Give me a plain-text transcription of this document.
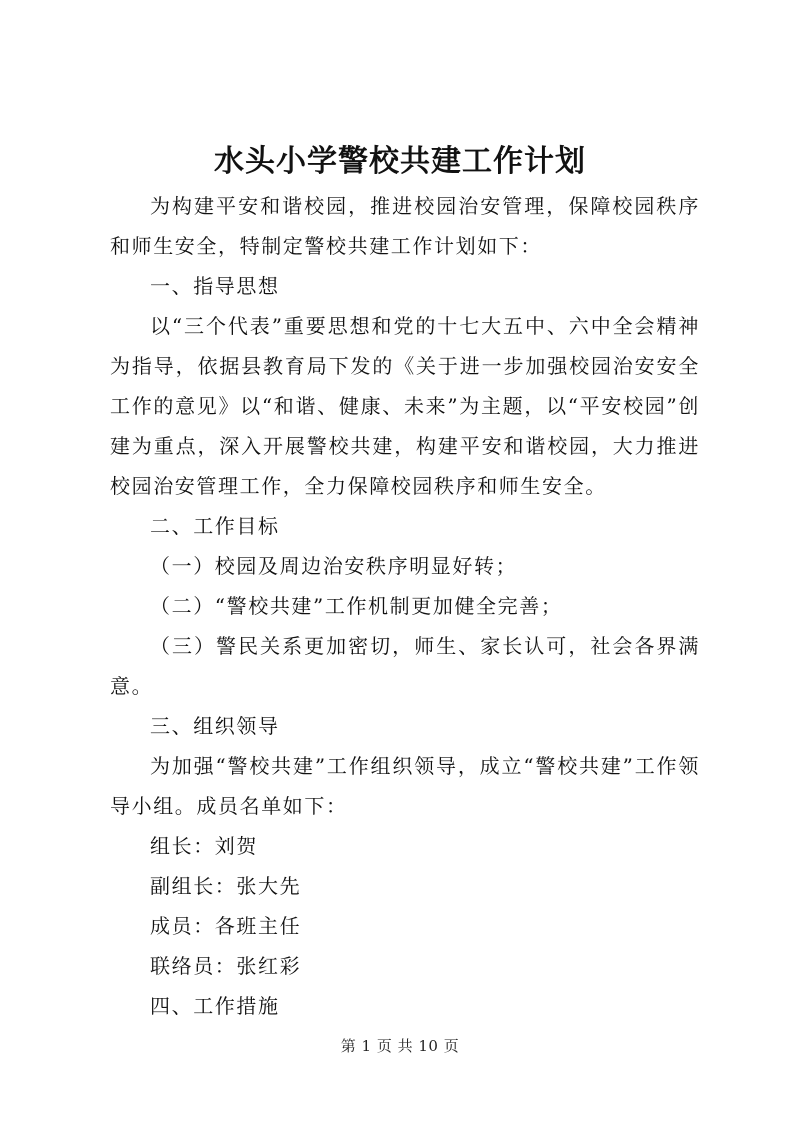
水头小学警校共建工作计划

为构建平安和谐校园，推进校园治安管理，保障校园秩序和师生安全，特制定警校共建工作计划如下：

一、指导思想

以“三个代表”重要思想和党的十七大五中、六中全会精神为指导，依据县教育局下发的《关于进一步加强校园治安安全工作的意见》以“和谐、健康、未来”为主题，以“平安校园”创建为重点，深入开展警校共建，构建平安和谐校园，大力推进校园治安管理工作，全力保障校园秩序和师生安全。

二、工作目标

（一）校园及周边治安秩序明显好转；

（二）“警校共建”工作机制更加健全完善；

（三）警民关系更加密切，师生、家长认可，社会各界满意。

三、组织领导

为加强“警校共建”工作组织领导，成立“警校共建”工作领导小组。成员名单如下：

组长：刘贺

副组长：张大先

成员：各班主任

联络员：张红彩

四、工作措施

第 1 页 共 10 页
